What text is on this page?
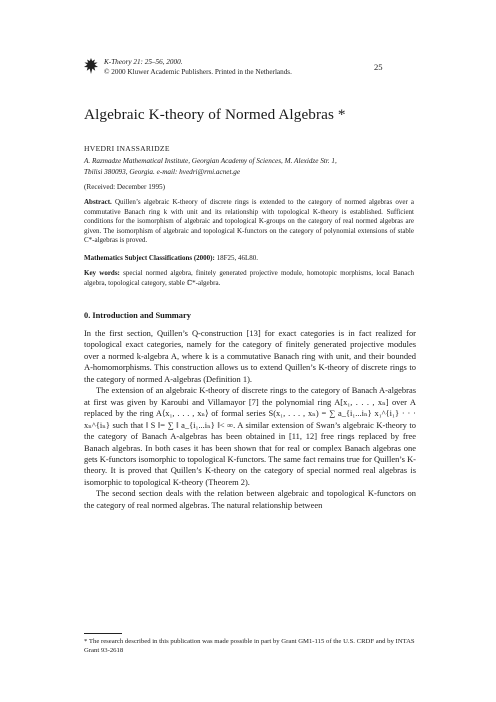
K-Theory 21: 25–56, 2000.
© 2000 Kluwer Academic Publishers. Printed in the Netherlands.	25
Algebraic K-theory of Normed Algebras *
HVEDRI INASSARIDZE
A. Razmadze Mathematical Institute, Georgian Academy of Sciences, M. Alexidze Str. 1,
Tbilisi 380093, Georgia. e-mail: hvedri@rmi.acnet.ge
(Received: December 1995)
Abstract. Quillen’s algebraic K-theory of discrete rings is extended to the category of normed algebras over a commutative Banach ring k with unit and its relationship with topological K-theory is established. Sufficient conditions for the isomorphism of algebraic and topological K-groups on the category of real normed algebras are given. The isomorphism of algebraic and topological K-functors on the category of polynomial extensions of stable C*-algebras is proved.
Mathematics Subject Classifications (2000): 18F25, 46L80.
Key words: special normed algebra, finitely generated projective module, homotopic morphisms, local Banach algebra, topological category, stable ℂ*-algebra.
0. Introduction and Summary

In the first section, Quillen’s Q-construction [13] for exact categories is in fact realized for topological exact categories, namely for the category of finitely generated projective modules over a normed k-algebra A, where k is a commutative Banach ring with unit, and their bounded A-homomorphisms. This construction allows us to extend Quillen’s K-theory of discrete rings to the category of normed A-algebras (Definition 1).

The extension of an algebraic K-theory of discrete rings to the category of Banach A-algebras at first was given by Karoubi and Villamayor [7] the polynomial ring A[x₁, . . . , xₙ] over A replaced by the ring A⟨x₁, . . . , xₙ⟩ of formal series S(x₁, . . . , xₙ) = ∑ a_{i₁...iₙ} x₁^{i₁} · · · xₙ^{iₙ} such that ‖ S ‖= ∑ ‖ a_{i₁...iₙ} ‖< ∞. A similar extension of Swan’s algebraic K-theory to the category of Banach A-algebras has been obtained in [11, 12] free rings replaced by free Banach algebras. In both cases it has been shown that for real or complex Banach algebras one gets K-functors isomorphic to topological K-functors. The same fact remains true for Quillen’s K-theory. It is proved that Quillen’s K-theory on the category of special normed real algebras is isomorphic to topological K-theory (Theorem 2).

The second section deals with the relation between algebraic and topological K-functors on the category of real normed algebras. The natural relationship between

* The research described in this publication was made possible in part by Grant GM1-115 of the U.S. CRDF and by INTAS Grant 93-2618
